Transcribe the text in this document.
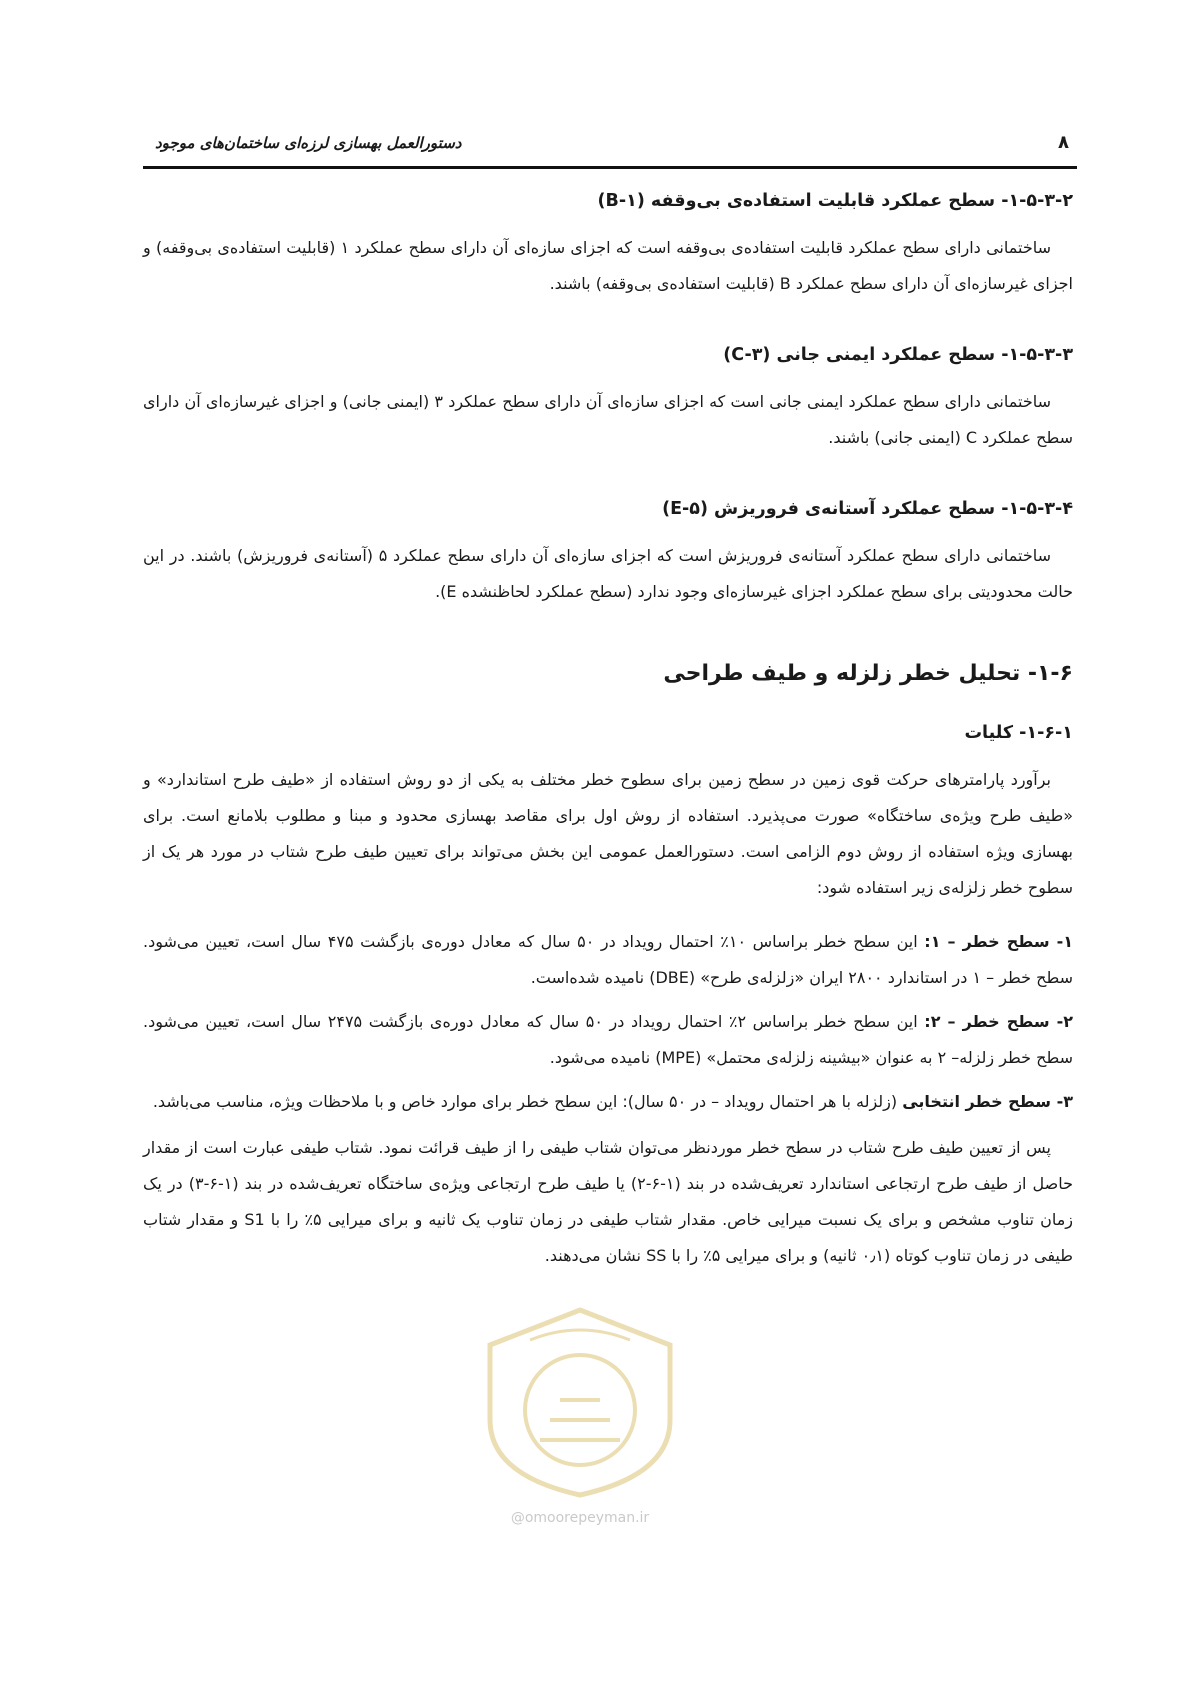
دستورالعمل بهسازی لرزه‌ای ساختمان‌های موجود	۸
۱-۵-۳-۲- سطح عملکرد قابلیت استفاده‌ی بی‌وقفه (B-۱)

ساختمانی دارای سطح عملکرد قابلیت استفاده‌ی بی‌وقفه است که اجزای سازه‌ای آن دارای سطح عملکرد ۱ (قابلیت استفاده‌ی بی‌وقفه) و اجزای غیرسازه‌ای آن دارای سطح عملکرد B (قابلیت استفاده‌ی بی‌وقفه) باشند.

۱-۵-۳-۳- سطح عملکرد ایمنی جانی (C-۳)

ساختمانی دارای سطح عملکرد ایمنی جانی است که اجزای سازه‌ای آن دارای سطح عملکرد ۳ (ایمنی جانی) و اجزای غیرسازه‌ای آن دارای سطح عملکرد C (ایمنی جانی) باشند.

۱-۵-۳-۴- سطح عملکرد آستانه‌ی فروریزش (E-۵)

ساختمانی دارای سطح عملکرد آستانه‌ی فروریزش است که اجزای سازه‌ای آن دارای سطح عملکرد ۵ (آستانه‌ی فروریزش) باشند. در این حالت محدودیتی برای سطح عملکرد اجزای غیرسازه‌ای وجود ندارد (سطح عملکرد لحاظنشده E).

۱-۶- تحلیل خطر زلزله و طیف طراحی
۱-۶-۱- کلیات

برآورد پارامترهای حرکت قوی زمین در سطح زمین برای سطوح خطر مختلف به یکی از دو روش استفاده از «طیف طرح استاندارد» و «طیف طرح ویژه‌ی ساختگاه» صورت می‌پذیرد. استفاده از روش اول برای مقاصد بهسازی محدود و مبنا و مطلوب بلامانع است. برای بهسازی ویژه استفاده از روش دوم الزامی است. دستورالعمل عمومی این بخش می‌تواند برای تعیین طیف طرح شتاب در مورد هر یک از سطوح خطر زلزله‌ی زیر استفاده شود:

۱- سطح خطر – ۱: این سطح خطر براساس ۱۰٪ احتمال رویداد در ۵۰ سال که معادل دوره‌ی بازگشت ۴۷۵ سال است، تعیین می‌شود. سطح خطر – ۱ در استاندارد ۲۸۰۰ ایران «زلزله‌ی طرح» (DBE) نامیده شده‌است.
۲- سطح خطر – ۲: این سطح خطر براساس ۲٪ احتمال رویداد در ۵۰ سال که معادل دوره‌ی بازگشت ۲۴۷۵ سال است، تعیین می‌شود. سطح خطر زلزله– ۲ به عنوان «بیشینه زلزله‌ی محتمل» (MPE) نامیده می‌شود.
۳- سطح خطر انتخابی (زلزله با هر احتمال رویداد – در ۵۰ سال): این سطح خطر برای موارد خاص و با ملاحظات ویژه، مناسب می‌باشد.

پس از تعیین طیف طرح شتاب در سطح خطر موردنظر می‌توان شتاب طیفی را از طیف قرائت نمود. شتاب طیفی عبارت است از مقدار حاصل از طیف طرح ارتجاعی استاندارد تعریف‌شده در بند (۱-۶-۲) یا طیف طرح ارتجاعی ویژه‌ی ساختگاه تعریف‌شده در بند (۱-۶-۳) در یک زمان تناوب مشخص و برای یک نسبت میرایی خاص. مقدار شتاب طیفی در زمان تناوب یک ثانیه و برای میرایی ۵٪ را با S1 و مقدار شتاب طیفی در زمان تناوب کوتاه (۰٫۱ ثانیه) و برای میرایی ۵٪ را با SS نشان می‌دهند.

@omoorepeyman.ir
